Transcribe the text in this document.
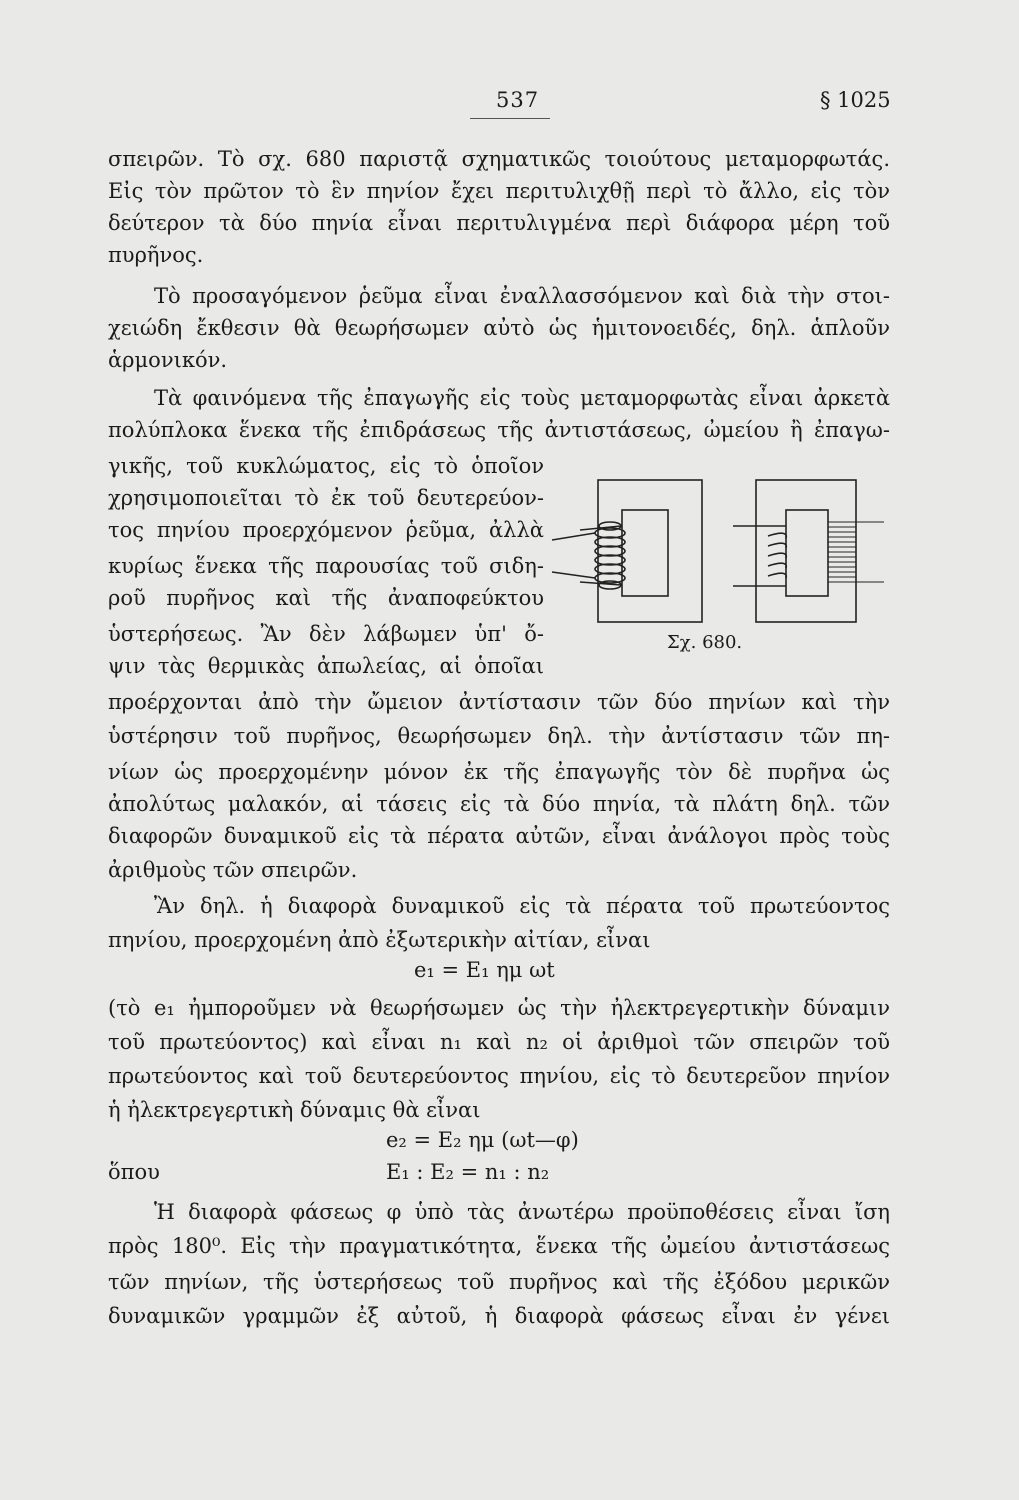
537	§ 1025
σπειρῶν. Τὸ σχ. 680 παριστᾷ σχηματικῶς τοιούτους μεταμορφωτάς.
Εἰς τὸν πρῶτον τὸ ἓν πηνίον ἔχει περιτυλιχθῇ περὶ τὸ ἄλλο, εἰς τὸν
δεύτερον τὰ δύο πηνία εἶναι περιτυλιγμένα περὶ διάφορα μέρη τοῦ
πυρῆνος.
Τὸ προσαγόμενον ῥεῦμα εἶναι ἐναλλασσόμενον καὶ διὰ τὴν στοι-
χειώδη ἔκθεσιν θὰ θεωρήσωμεν αὐτὸ ὡς ἡμιτονοειδές, δηλ. ἁπλοῦν
ἁρμονικόν.
Τὰ φαινόμενα τῆς ἐπαγωγῆς εἰς τοὺς μεταμορφωτὰς εἶναι ἀρκετὰ
πολύπλοκα ἕνεκα τῆς ἐπιδράσεως τῆς ἀντιστάσεως, ὠμείου ἢ ἐπαγω-
γικῆς, τοῦ κυκλώματος, εἰς τὸ ὁποῖον
χρησιμοποιεῖται τὸ ἐκ τοῦ δευτερεύον-
τος πηνίου προερχόμενον ῥεῦμα, ἀλλὰ
κυρίως ἕνεκα τῆς παρουσίας τοῦ σιδη-
ροῦ πυρῆνος καὶ τῆς ἀναποφεύκτου
ὑστερήσεως. Ἂν δὲν λάβωμεν ὑπ' ὄ-
ψιν τὰς θερμικὰς ἀπωλείας, αἱ ὁποῖαι
προέρχονται ἀπὸ τὴν ὤμειον ἀντίστασιν τῶν δύο πηνίων καὶ τὴν
ὑστέρησιν τοῦ πυρῆνος, θεωρήσωμεν δηλ. τὴν ἀντίστασιν τῶν πη-
νίων ὡς προερχομένην μόνον ἐκ τῆς ἐπαγωγῆς τὸν δὲ πυρῆνα ὡς
ἀπολύτως μαλακόν, αἱ τάσεις εἰς τὰ δύο πηνία, τὰ πλάτη δηλ. τῶν
διαφορῶν δυναμικοῦ εἰς τὰ πέρατα αὐτῶν, εἶναι ἀνάλογοι πρὸς τοὺς
ἀριθμοὺς τῶν σπειρῶν.
Ἂν δηλ. ἡ διαφορὰ δυναμικοῦ εἰς τὰ πέρατα τοῦ πρωτεύοντος
πηνίου, προερχομένη ἀπὸ ἐξωτερικὴν αἰτίαν, εἶναι
e₁ = E₁ ημ ωt
(τὸ e₁ ἠμποροῦμεν νὰ θεωρήσωμεν ὡς τὴν ἠλεκτρεγερτικὴν δύναμιν
τοῦ πρωτεύοντος) καὶ εἶναι n₁ καὶ n₂ οἱ ἀριθμοὶ τῶν σπειρῶν τοῦ
πρωτεύοντος καὶ τοῦ δευτερεύοντος πηνίου, εἰς τὸ δευτερεῦον πηνίον
ἡ ἠλεκτρεγερτικὴ δύναμις θὰ εἶναι
e₂ = E₂ ημ (ωt—φ)
ὅπου	E₁ : E₂ = n₁ : n₂
Ἡ διαφορὰ φάσεως φ ὑπὸ τὰς ἀνωτέρω προϋποθέσεις εἶναι ἴση
πρὸς 180⁰. Εἰς τὴν πραγματικότητα, ἕνεκα τῆς ὠμείου ἀντιστάσεως
τῶν πηνίων, τῆς ὑστερήσεως τοῦ πυρῆνος καὶ τῆς ἐξόδου μερικῶν
δυναμικῶν γραμμῶν ἐξ αὐτοῦ, ἡ διαφορὰ φάσεως εἶναι ἐν γένει
Σχ. 680.
